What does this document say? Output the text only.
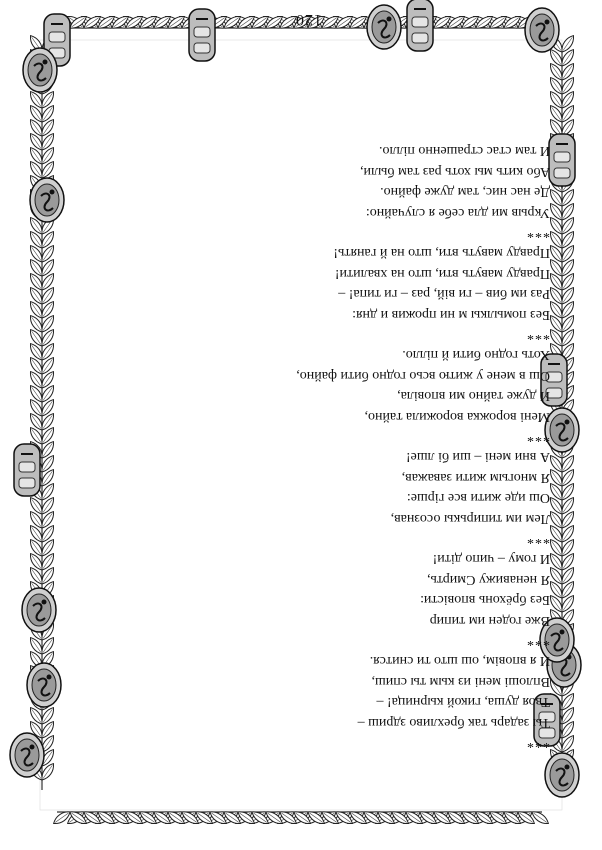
120

***

Ты задарь так брехливо здриш –

Твоя душа, гикой кырница! –

Вплоші мені из кым ты спиш,

И я вповім, ош што ти снится.

***

Вже годен им типир

Без брёхонь вповісти:

Я ненавижу Смирть,

И гому – чипо діти!

***

Лем им типирькы осознав,

Ош иде жити все гірше:

Я многым жити заважав,

А вни мені – ши бі лше!

***

Мені ворожка ворожила тайно,

И дуже тайно ми вповіла,

Ош в мене у житю всьо годно бити файно,

Хоть годно бити й пілло.

***

Без помылкы м ни прожив и дня:

Раз им бив – ги вій, раз – ги типа! –

Правду мавуть вти, што на хвалити!

Правду мавуть вти, што на й ганять!

***

Укрыв ми дла себе я случайно:

Де нас нис, там дуже файно.

Або кить мы хоть раз там были,

И там стас страшенно пілло.
